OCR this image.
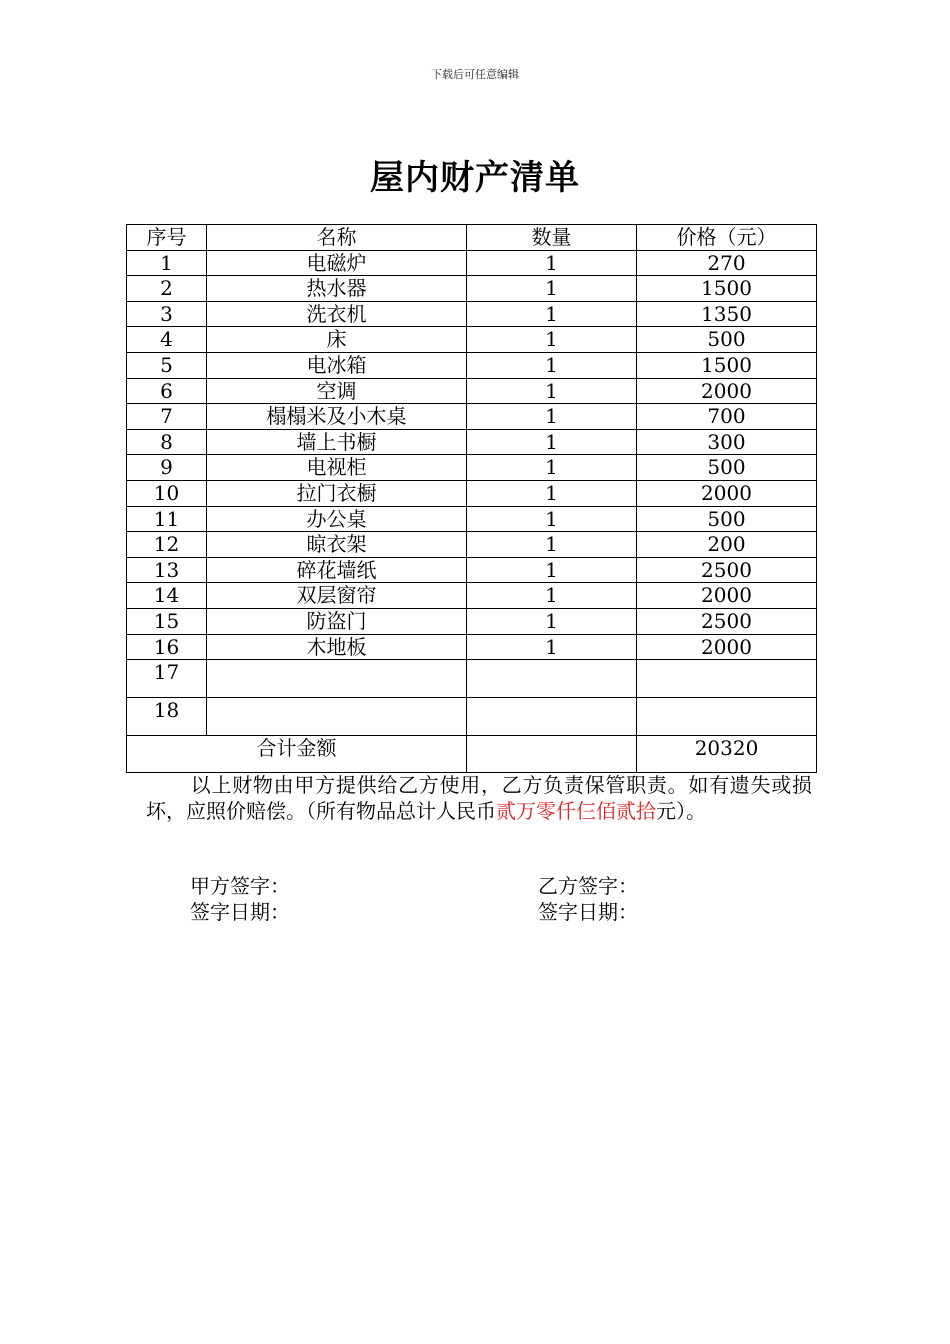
下载后可任意编辑
屋内财产清单
序号	名称	数量	价格（元）
1	电磁炉	1	270
2	热水器	1	1500
3	洗衣机	1	1350
4	床	1	500
5	电冰箱	1	1500
6	空调	1	2000
7	榻榻米及小木桌	1	700
8	墙上书橱	1	300
9	电视柜	1	500
10	拉门衣橱	1	2000
11	办公桌	1	500
12	晾衣架	1	200
13	碎花墙纸	1	2500
14	双层窗帘	1	2000
15	防盗门	1	2500
16	木地板	1	2000
17			
18			
合计金额			20320
以上财物由甲方提供给乙方使用，乙方负责保管职责。如有遗失或损坏，应照价赔偿。（所有物品总计人民币贰万零仟仨佰贰拾元）。
甲方签字：
签字日期：
乙方签字：
签字日期：
